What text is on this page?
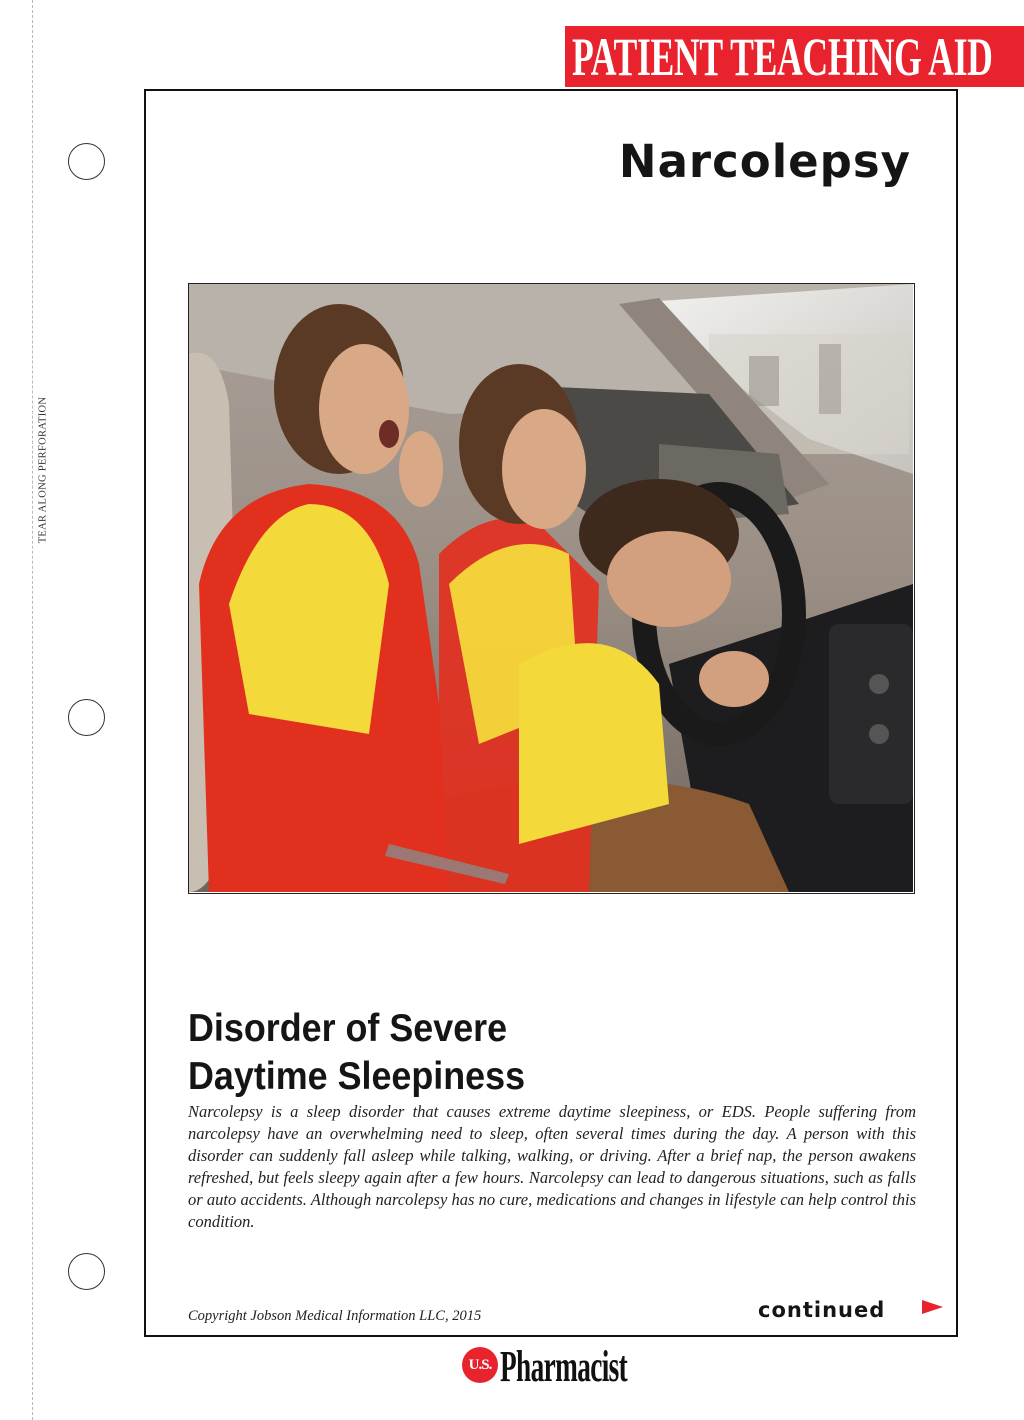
TEAR ALONG PERFORATION
PATIENT TEACHING AID
Narcolepsy
Disorder of Severe
Daytime Sleepiness
Narcolepsy is a sleep disorder that causes extreme daytime sleepiness, or EDS. People suffering from narcolepsy have an overwhelming need to sleep, often several times during the day. A person with this disorder can suddenly fall asleep while talking, walking, or driving. After a brief nap, the person awakens refreshed, but feels sleepy again after a few hours. Narcolepsy can lead to dangerous situations, such as falls or auto accidents. Although narcolepsy has no cure, medications and changes in lifestyle can help control this condition.
Copyright Jobson Medical Information LLC, 2015	continued
U.S. Pharmacist
